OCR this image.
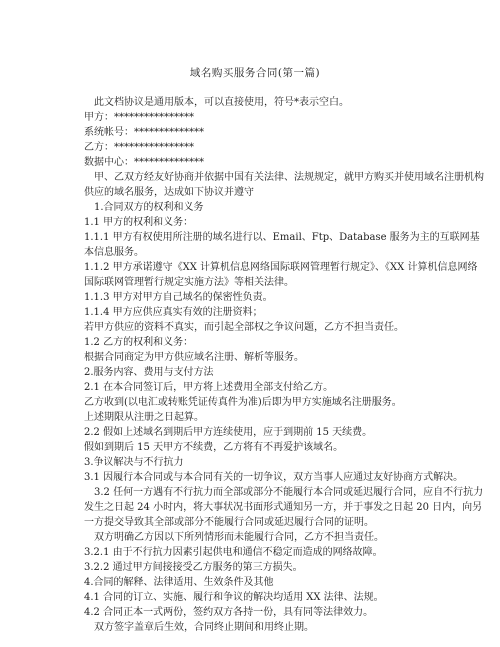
域名购买服务合同(第一篇)

此文档协议是通用版本，可以直接使用，符号*表示空白。

甲方：****************

系统帐号：**************

乙方：****************

数据中心：**************

甲、乙双方经友好协商并依据中国有关法律、法规规定，就甲方购买并使用域名注册机构供应的域名服务，达成如下协议并遵守

1.合同双方的权利和义务

1.1 甲方的权利和义务：

1.1.1 甲方有权使用所注册的域名进行以、Email、Ftp、Database 服务为主的互联网基本信息服务。

1.1.2 甲方承诺遵守《XX 计算机信息网络国际联网管理暂行规定》、《XX 计算机信息网络国际联网管理暂行规定实施方法》等相关法律。

1.1.3 甲方对甲方自己域名的保密性负责。

1.1.4 甲方应供应真实有效的注册资料；

若甲方供应的资料不真实，而引起全部权之争议问题，乙方不担当责任。

1.2 乙方的权利和义务：

根据合同商定为甲方供应域名注册、解析等服务。

2.服务内容、费用与支付方法

2.1 在本合同签订后，甲方将上述费用全部支付给乙方。

乙方收到(以电汇或转账凭证传真件为准)后即为甲方实施域名注册服务。

上述期限从注册之日起算。

2.2 假如上述域名到期后甲方连续使用，应于到期前 15 天续费。

假如到期后 15 天甲方不续费，乙方将有不再爱护该域名。

3.争议解决与不行抗力

3.1 因履行本合同或与本合同有关的一切争议，双方当事人应通过友好协商方式解决。

3.2 任何一方遇有不行抗力而全部或部分不能履行本合同或延迟履行合同，应自不行抗力发生之日起 24 小时内，将大事状况书面形式通知另一方，并于事发之日起 20 日内，向另一方提交导致其全部或部分不能履行合同或延迟履行合同的证明。

双方明确乙方因以下所列情形而未能履行合同，乙方不担当责任。

3.2.1 由于不行抗力因素引起供电和通信不稳定而造成的网络故障。

3.2.2 通过甲方间接接受乙方服务的第三方损失。

4.合同的解释、法律适用、生效条件及其他

4.1 合同的订立、实施、履行和争议的解决均适用 XX 法律、法规。

4.2 合同正本一式两份，签约双方各持一份，具有同等法律效力。

双方签字盖章后生效，合同终止期间和用终止期。
